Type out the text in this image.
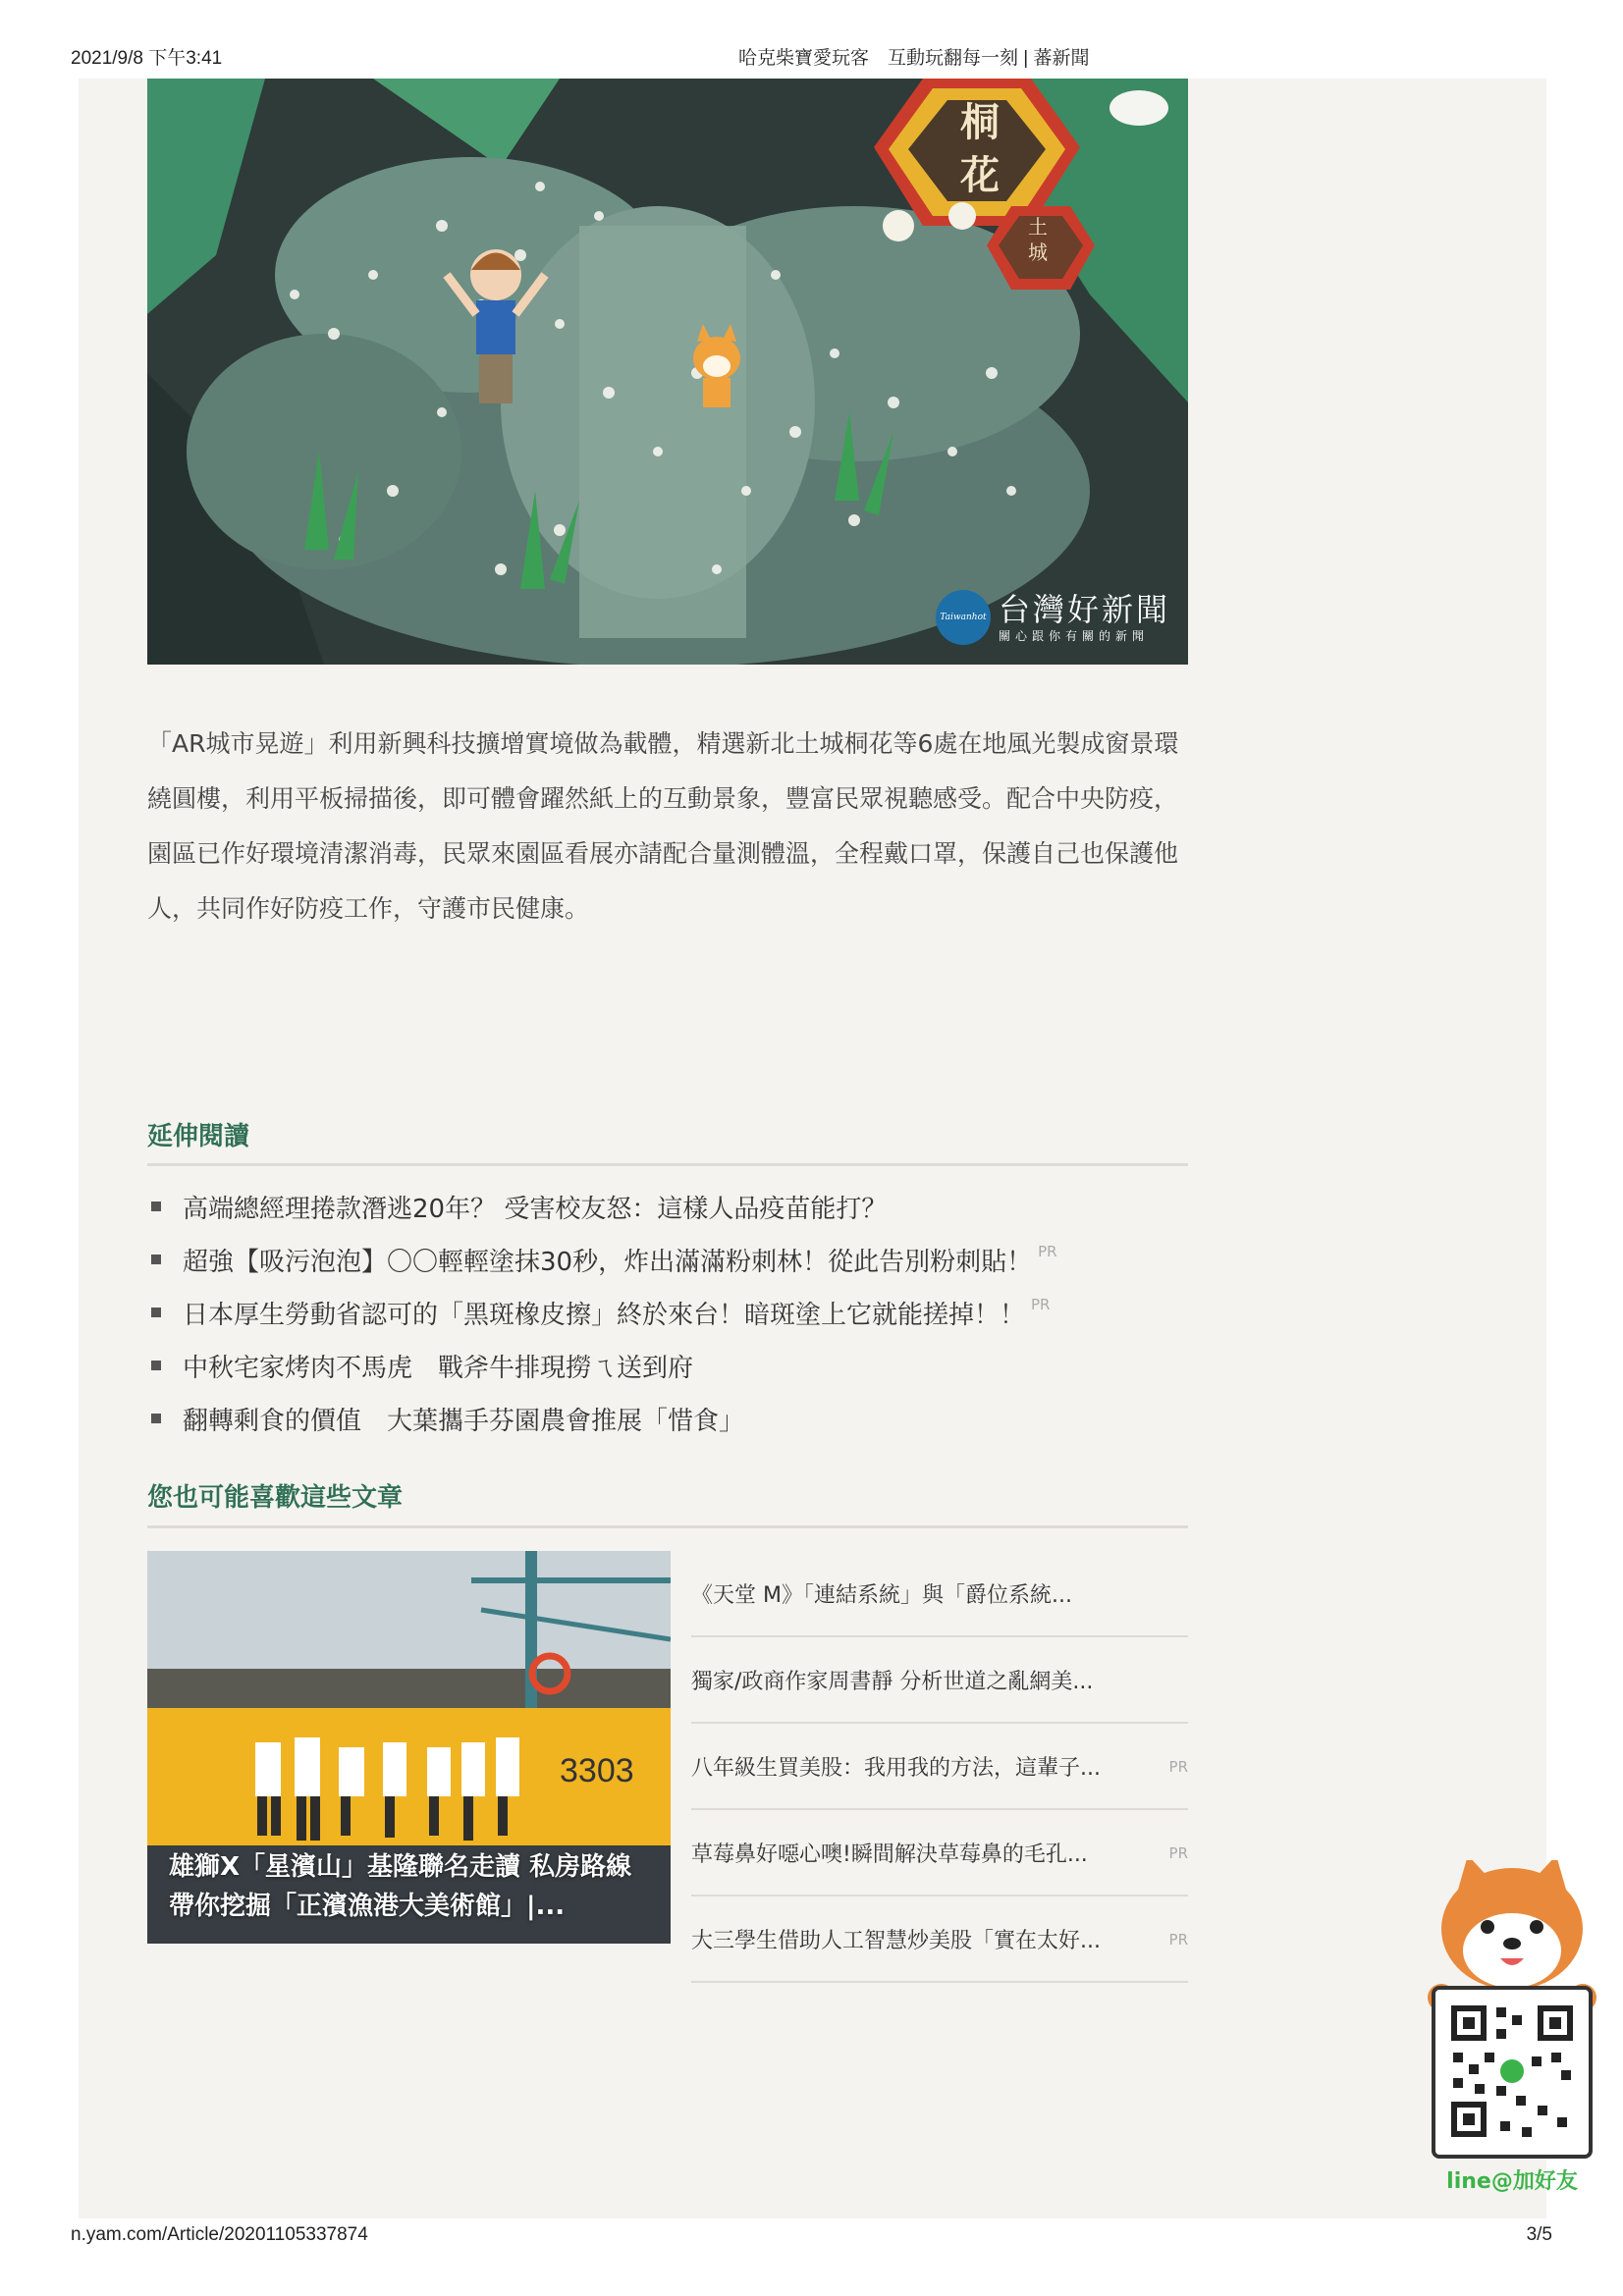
2021/9/8 下午3:41	哈克柴寶愛玩客　互動玩翻每一刻 | 蕃新聞
桐
花
土
城
Taiwanhot 台灣好新聞
關心跟你有關的新聞

「AR城市晃遊」利用新興科技擴增實境做為載體，精選新北土城桐花等6處在地風光製成窗景環繞圓樓，利用平板掃描後，即可體會躍然紙上的互動景象，豐富民眾視聽感受。配合中央防疫，園區已作好環境清潔消毒，民眾來園區看展亦請配合量測體溫，全程戴口罩，保護自己也保護他人，共同作好防疫工作，守護市民健康。

延伸閱讀
高端總經理捲款潛逃20年？ 受害校友怒：這樣人品疫苗能打？
超強【吸污泡泡】〇〇輕輕塗抹30秒，炸出滿滿粉刺林！從此告別粉刺貼！ PR
日本厚生勞動省認可的「黑斑橡皮擦」終於來台！暗斑塗上它就能搓掉！！ PR
中秋宅家烤肉不馬虎　戰斧牛排現撈ㄟ送到府
翻轉剩食的價值　大葉攜手芬園農會推展「惜食」
您也可能喜歡這些文章
3303
雄獅X「星濱山」基隆聯名走讀 私房路線帶你挖掘「正濱漁港大美術館」|...
《天堂 M》「連結系統」與「爵位系統...
獨家/政商作家周書靜 分析世道之亂網美...
八年級生買美股：我用我的方法，這輩子...	PR
草莓鼻好噁心噢!瞬間解決草莓鼻的毛孔...	PR
大三學生借助人工智慧炒美股「實在太好...	PR
line@加好友
n.yam.com/Article/20201105337874	3/5
